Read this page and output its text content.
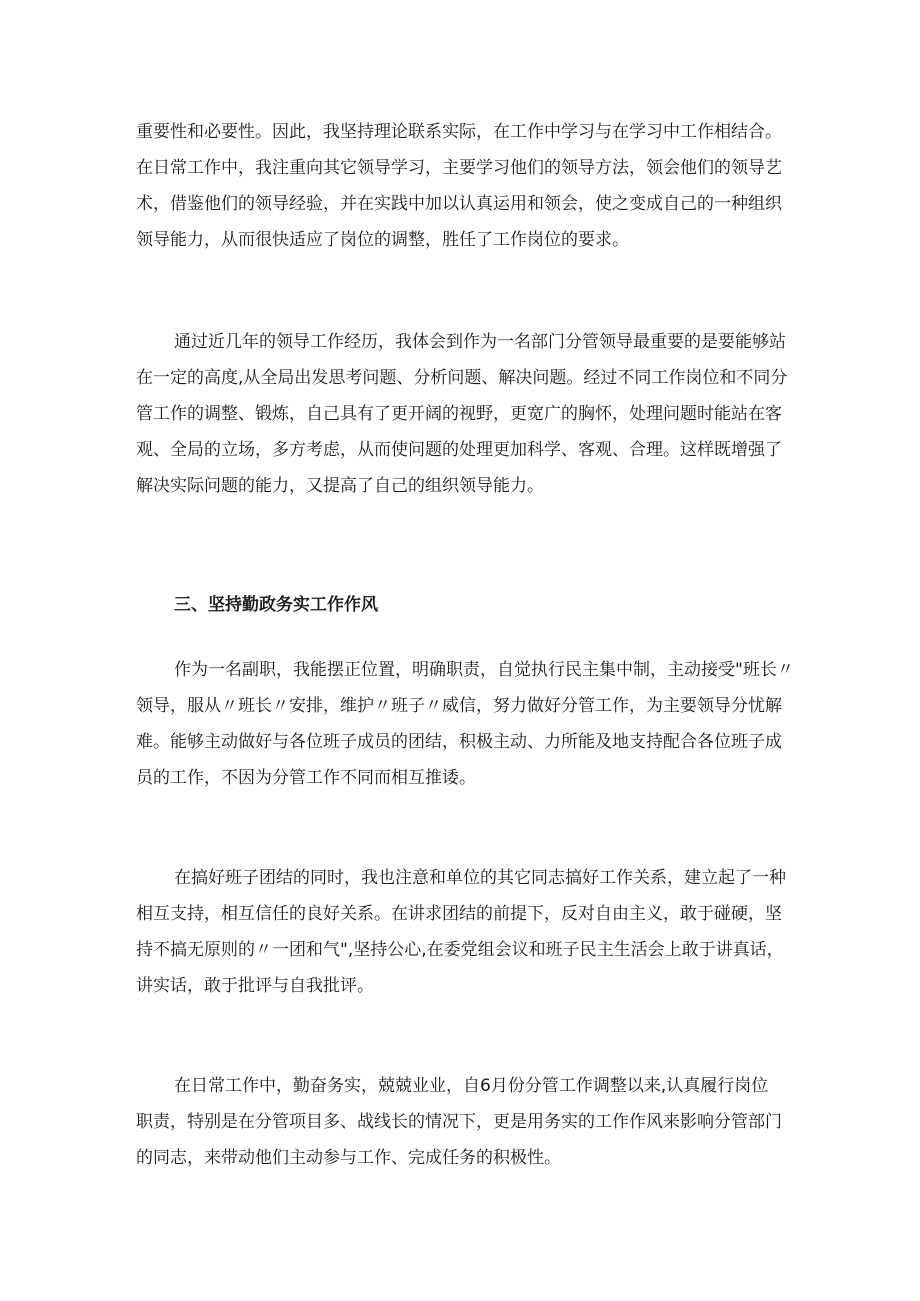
重要性和必要性。因此，我坚持理论联系实际，在工作中学习与在学习中工作相结合。
在日常工作中，我注重向其它领导学习，主要学习他们的领导方法，领会他们的领导艺
术，借鉴他们的领导经验，并在实践中加以认真运用和领会，使之变成自己的一种组织
领导能力，从而很快适应了岗位的调整，胜任了工作岗位的要求。
通过近几年的领导工作经历，我体会到作为一名部门分管领导最重要的是要能够站
在一定的高度,从全局出发思考问题、分析问题、解决问题。经过不同工作岗位和不同分
管工作的调整、锻炼，自己具有了更开阔的视野，更宽广的胸怀，处理问题时能站在客
观、全局的立场，多方考虑，从而使问题的处理更加科学、客观、合理。这样既增强了
解决实际问题的能力，又提高了自己的组织领导能力。
三、坚持勤政务实工作作风
作为一名副职，我能摆正位置，明确职责，自觉执行民主集中制，主动接受"班长〃
领导，服从〃班长〃安排，维护〃班子〃威信，努力做好分管工作，为主要领导分忧解
难。能够主动做好与各位班子成员的团结，积极主动、力所能及地支持配合各位班子成
员的工作，不因为分管工作不同而相互推诿。
在搞好班子团结的同时，我也注意和单位的其它同志搞好工作关系，建立起了一种
相互支持，相互信任的良好关系。在讲求团结的前提下，反对自由主义，敢于碰硬，坚
持不搞无原则的〃一团和气",坚持公心,在委党组会议和班子民主生活会上敢于讲真话，
讲实话，敢于批评与自我批评。
在日常工作中，勤奋务实，兢兢业业，自6月份分管工作调整以来,认真履行岗位
职责，特别是在分管项目多、战线长的情况下，更是用务实的工作作风来影响分管部门
的同志，来带动他们主动参与工作、完成任务的积极性。
